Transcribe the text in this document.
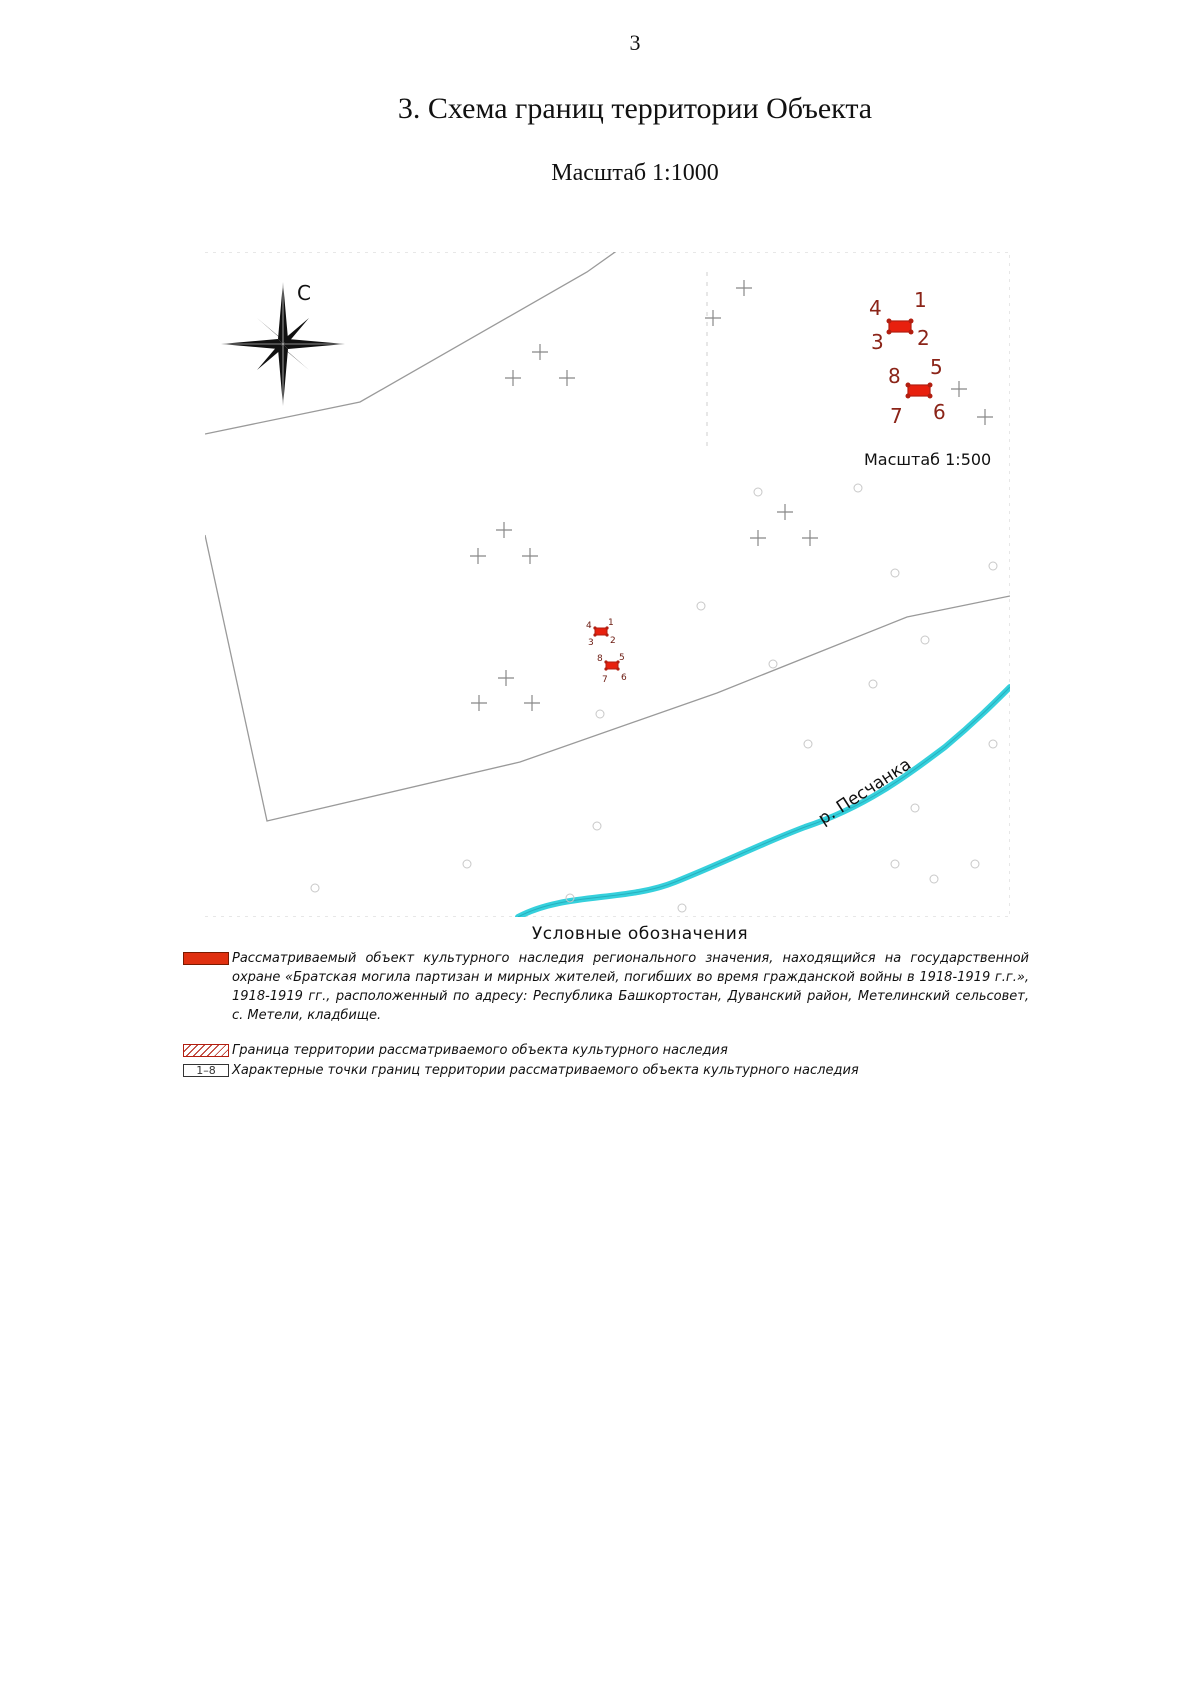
3
3. Схема границ территории Объекта
Масштаб 1:1000
р. Песчанка
С
1
2
3
4
5
6
7
8
1
2
3
4
5
6
7
8
Масштаб 1:500
Условные обозначения
Рассматриваемый объект культурного наследия регионального значения, находящийся на государственной охране «Братская могила партизан и мирных жителей, погибших во время гражданской войны в 1918-1919 г.г.», 1918-1919 гг., расположенный по адресу: Республика Башкортостан, Дуванский район, Метелинский сельсовет, с. Метели, кладбище.
Граница территории рассматриваемого объекта культурного наследия
1–8	Характерные точки границ территории рассматриваемого объекта культурного наследия
